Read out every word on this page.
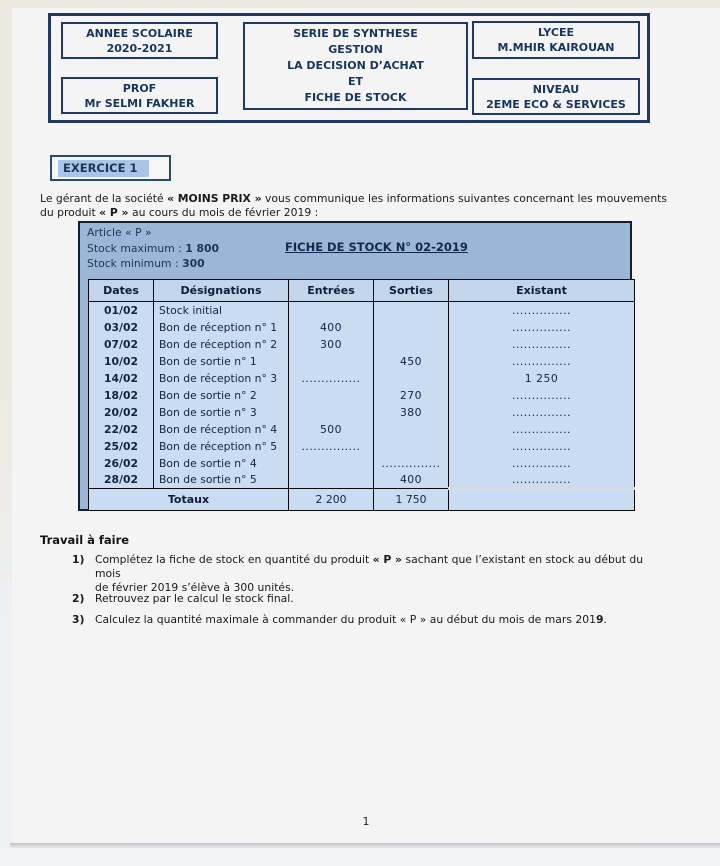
ANNEE SCOLAIRE
2020-2021
PROF
Mr SELMI FAKHER
SERIE DE SYNTHESE
GESTION
LA DECISION D’ACHAT
ET
FICHE DE STOCK
LYCEE
M.MHIR KAIROUAN
NIVEAU
2EME ECO & SERVICES
EXERCICE 1
Le gérant de la société « MOINS PRIX » vous communique les informations suivantes concernant les mouvements
du produit « P » au cours du mois de février 2019 :
Article « P »
Stock maximum : 1 800
Stock minimum : 300
FICHE DE STOCK N° 02-2019
Dates	Désignations	Entrées	Sorties	Existant
01/02	Stock initial			...............
03/02	Bon de réception n° 1	400		...............
07/02	Bon de réception n° 2	300		...............
10/02	Bon de sortie n° 1		450	...............
14/02	Bon de réception n° 3	...............		1 250
18/02	Bon de sortie n° 2		270	...............
20/02	Bon de sortie n° 3		380	...............
22/02	Bon de réception n° 4	500		...............
25/02	Bon de réception n° 5	...............		...............
26/02	Bon de sortie n° 4		...............	...............
28/02	Bon de sortie n° 5		400	...............
Totaux		2 200	1 750	
Travail à faire
1) Complétez la fiche de stock en quantité du produit « P » sachant que l’existant en stock au début du mois
de février 2019 s’élève à 300 unités.
2) Retrouvez par le calcul le stock final.
3) Calculez la quantité maximale à commander du produit « P » au début du mois de mars 2019.
1
